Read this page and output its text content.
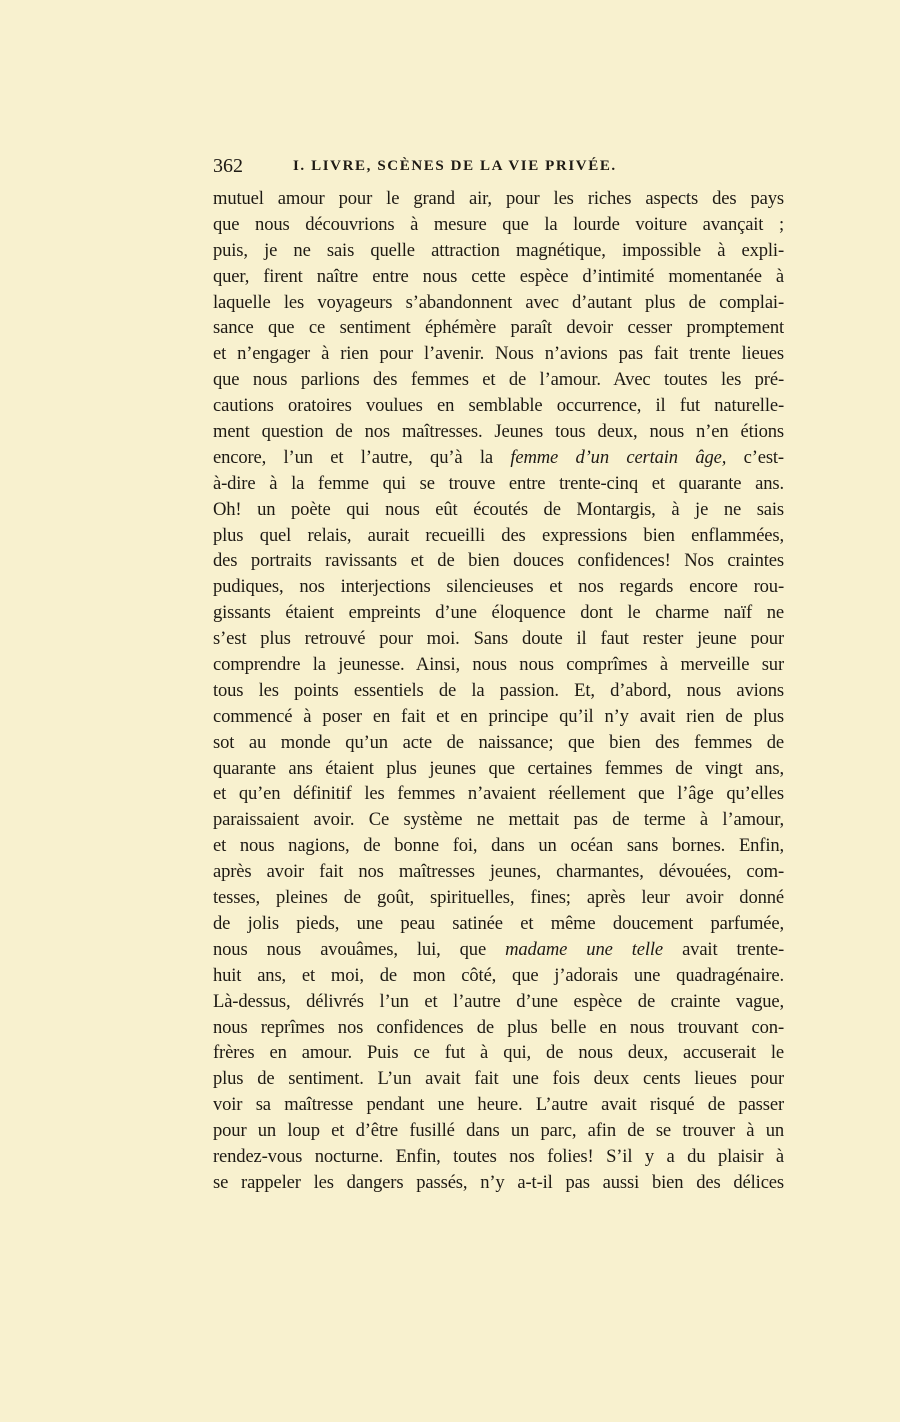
362	I. LIVRE, SCÈNES DE LA VIE PRIVÉE.
mutuel amour pour le grand air, pour les riches aspects des pays
que nous découvrions à mesure que la lourde voiture avançait ;
puis, je ne sais quelle attraction magnétique, impossible à expli-
quer, firent naître entre nous cette espèce d’intimité momentanée à
laquelle les voyageurs s’abandonnent avec d’autant plus de complai-
sance que ce sentiment éphémère paraît devoir cesser promptement
et n’engager à rien pour l’avenir. Nous n’avions pas fait trente lieues
que nous parlions des femmes et de l’amour. Avec toutes les pré-
cautions oratoires voulues en semblable occurrence, il fut naturelle-
ment question de nos maîtresses. Jeunes tous deux, nous n’en étions
encore, l’un et l’autre, qu’à la femme d’un certain âge, c’est-
à-dire à la femme qui se trouve entre trente-cinq et quarante ans.
Oh! un poète qui nous eût écoutés de Montargis, à je ne sais
plus quel relais, aurait recueilli des expressions bien enflammées,
des portraits ravissants et de bien douces confidences! Nos craintes
pudiques, nos interjections silencieuses et nos regards encore rou-
gissants étaient empreints d’une éloquence dont le charme naïf ne
s’est plus retrouvé pour moi. Sans doute il faut rester jeune pour
comprendre la jeunesse. Ainsi, nous nous comprîmes à merveille sur
tous les points essentiels de la passion. Et, d’abord, nous avions
commencé à poser en fait et en principe qu’il n’y avait rien de plus
sot au monde qu’un acte de naissance; que bien des femmes de
quarante ans étaient plus jeunes que certaines femmes de vingt ans,
et qu’en définitif les femmes n’avaient réellement que l’âge qu’elles
paraissaient avoir. Ce système ne mettait pas de terme à l’amour,
et nous nagions, de bonne foi, dans un océan sans bornes. Enfin,
après avoir fait nos maîtresses jeunes, charmantes, dévouées, com-
tesses, pleines de goût, spirituelles, fines; après leur avoir donné
de jolis pieds, une peau satinée et même doucement parfumée,
nous nous avouâmes, lui, que madame une telle avait trente-
huit ans, et moi, de mon côté, que j’adorais une quadragénaire.
Là-dessus, délivrés l’un et l’autre d’une espèce de crainte vague,
nous reprîmes nos confidences de plus belle en nous trouvant con-
frères en amour. Puis ce fut à qui, de nous deux, accuserait le
plus de sentiment. L’un avait fait une fois deux cents lieues pour
voir sa maîtresse pendant une heure. L’autre avait risqué de passer
pour un loup et d’être fusillé dans un parc, afin de se trouver à un
rendez-vous nocturne. Enfin, toutes nos folies! S’il y a du plaisir à
se rappeler les dangers passés, n’y a-t-il pas aussi bien des délices
